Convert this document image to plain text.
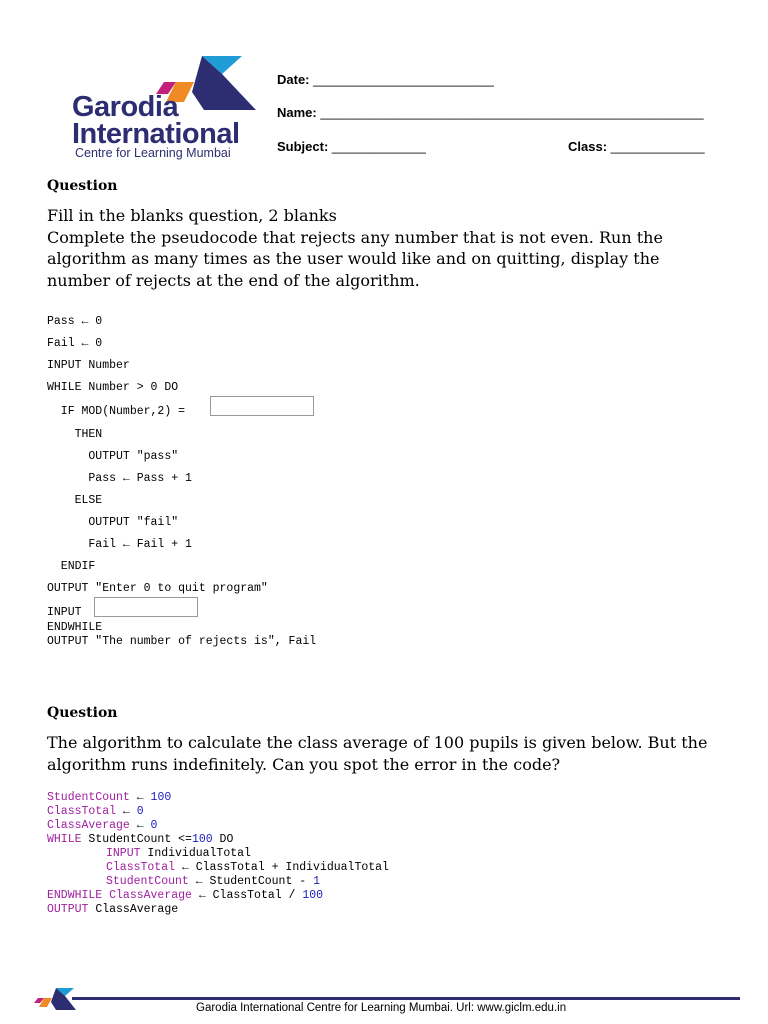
Garodia
International
Centre for Learning Mumbai
Date: _________________________
Name: _____________________________________________________
Subject: _____________	Class: _____________
Question
Fill in the blanks question, 2 blanks
Complete the pseudocode that rejects any number that is not even. Run the algorithm as many times as the user would like and on quitting, display the number of rejects at the end of the algorithm.
Pass ← 0
Fail ← 0
INPUT Number
WHILE Number > 0 DO
IF MOD(Number,2) =
THEN
OUTPUT "pass"
Pass ← Pass + 1
ELSE
OUTPUT "fail"
Fail ← Fail + 1
ENDIF
OUTPUT "Enter 0 to quit program"
INPUT
ENDWHILE
OUTPUT "The number of rejects is", Fail
Question
The algorithm to calculate the class average of 100 pupils is given below. But the algorithm runs indefinitely. Can you spot the error in the code?
StudentCount ← 100
ClassTotal ← 0
ClassAverage ← 0
WHILE StudentCount <=100 DO
INPUT IndividualTotal
ClassTotal ← ClassTotal + IndividualTotal
StudentCount ← StudentCount - 1
ENDWHILE ClassAverage ← ClassTotal / 100
OUTPUT ClassAverage
Garodia International Centre for Learning Mumbai. Url: www.giclm.edu.in
